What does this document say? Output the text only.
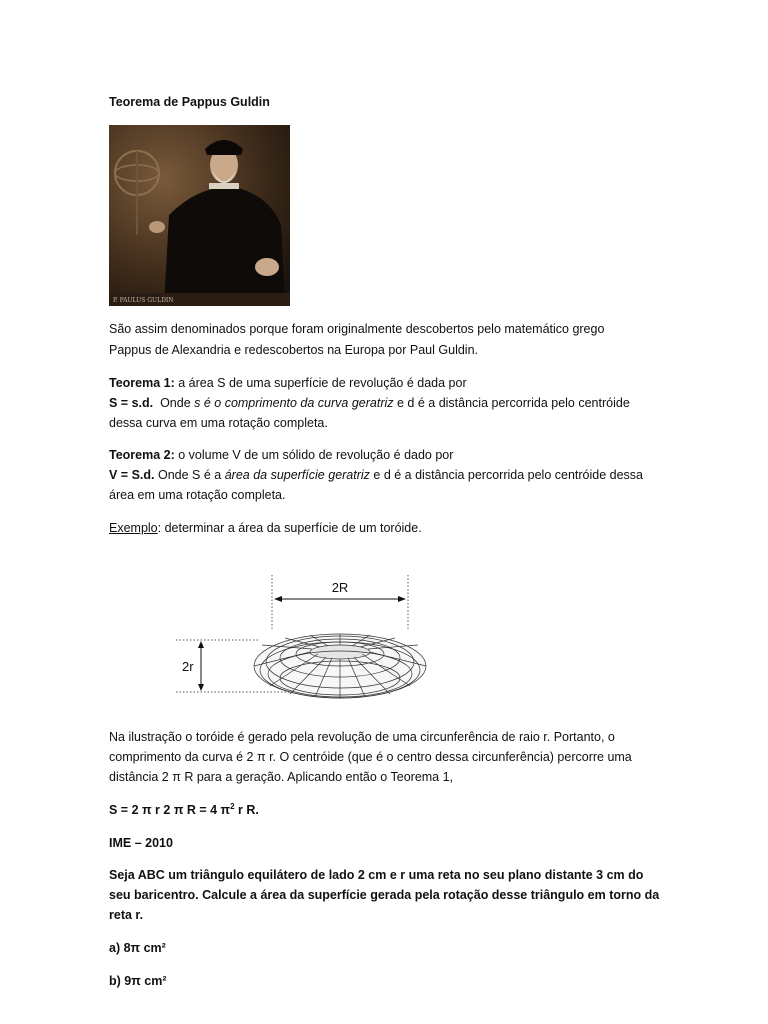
Teorema de Pappus Guldin
P. PAULUS GULDIN
São assim denominados porque foram originalmente descobertos pelo matemático grego
Pappus de Alexandria e redescobertos na Europa por Paul Guldin.
Teorema 1: a área S de uma superfície de revolução é dada por
S = s.d.  Onde s é o comprimento da curva geratriz e d é a distância percorrida pelo centróide
dessa curva em uma rotação completa.
Teorema 2: o volume V de um sólido de revolução é dado por
V = S.d. Onde S é a área da superfície geratriz e d é a distância percorrida pelo centróide dessa
área em uma rotação completa.
Exemplo: determinar a área da superfície de um toróide.
2R
2r
Na ilustração o toróide é gerado pela revolução de uma circunferência de raio r. Portanto, o
comprimento da curva é 2 π r. O centróide (que é o centro dessa circunferência) percorre uma
distância 2 π R para a geração. Aplicando então o Teorema 1,
S = 2 π r 2 π R = 4 $\pi^2$ r R.
IME – 2010
Seja ABC um triângulo equilátero de lado 2 cm e r uma reta no seu plano distante 3 cm do
seu baricentro. Calcule a área da superfície gerada pela rotação desse triângulo em torno da
reta r.
a) 8π cm²
b) 9π cm²
